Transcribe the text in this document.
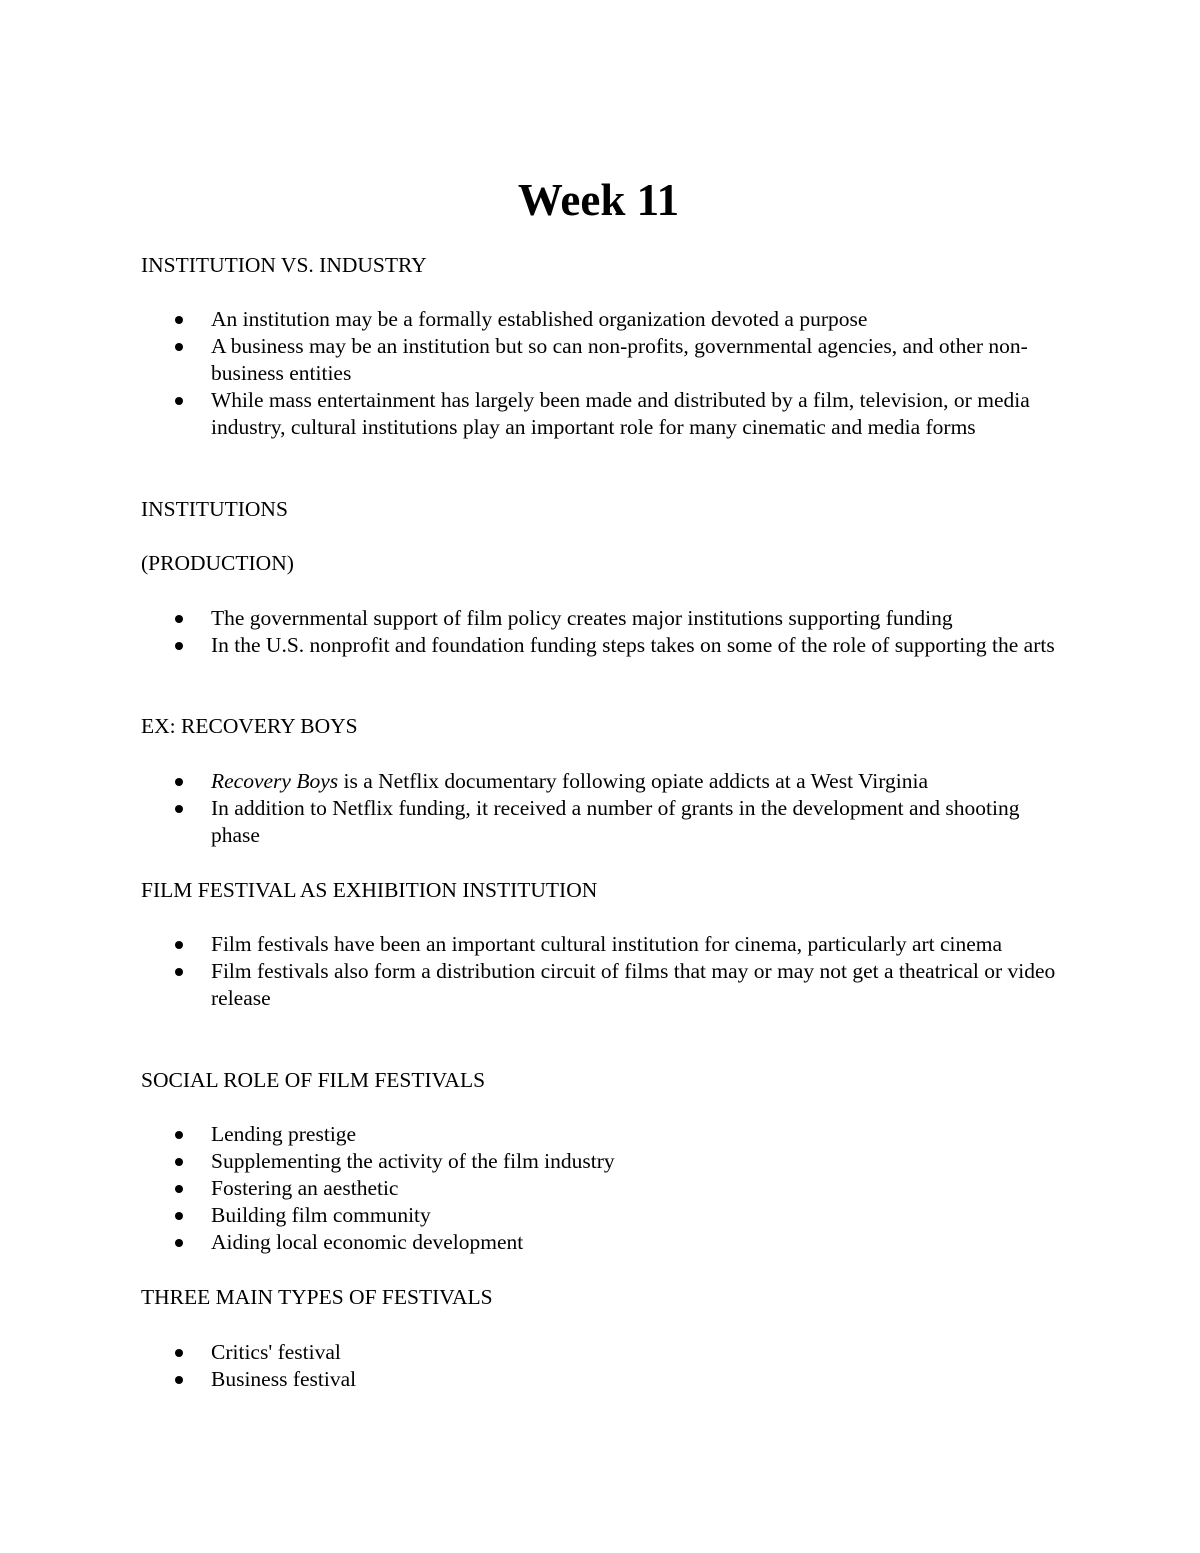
Week 11

INSTITUTION VS. INDUSTRY

An institution may be a formally established organization devoted a purpose
A business may be an institution but so can non-profits, governmental agencies, and other non-business entities
While mass entertainment has largely been made and distributed by a film, television, or media industry, cultural institutions play an important role for many cinematic and media forms

INSTITUTIONS

(PRODUCTION)

The governmental support of film policy creates major institutions supporting funding
In the U.S. nonprofit and foundation funding steps takes on some of the role of supporting the arts

EX: RECOVERY BOYS

Recovery Boys is a Netflix documentary following opiate addicts at a West Virginia
In addition to Netflix funding, it received a number of grants in the development and shooting phase

FILM FESTIVAL AS EXHIBITION INSTITUTION

Film festivals have been an important cultural institution for cinema, particularly art cinema
Film festivals also form a distribution circuit of films that may or may not get a theatrical or video release

SOCIAL ROLE OF FILM FESTIVALS

Lending prestige
Supplementing the activity of the film industry
Fostering an aesthetic
Building film community
Aiding local economic development

THREE MAIN TYPES OF FESTIVALS

Critics' festival
Business festival
